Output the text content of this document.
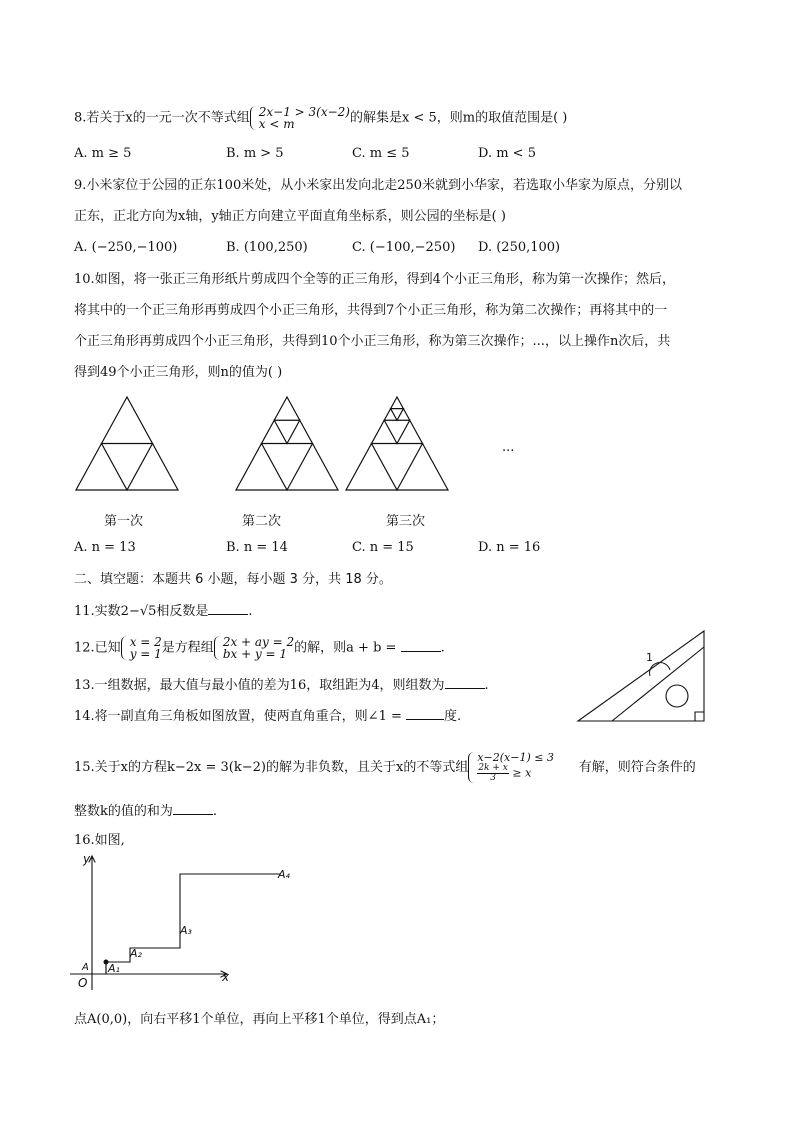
8.若关于x的一元一次不等式组 2x−1 > 3(x−2)
x < m	的解集是x < 5，则m的取值范围是( )
A. m ≥ 5	B. m > 5	C. m ≤ 5	D. m < 5
9.小米家位于公园的正东100米处，从小米家出发向北走250米就到小华家，若选取小华家为原点，分别以
正东，正北方向为x轴，y轴正方向建立平面直角坐标系，则公园的坐标是( )
A. (−250,−100)	B. (100,250)	C. (−100,−250) D. (250,100)
10.如图，将一张正三角形纸片剪成四个全等的正三角形，得到4个小正三角形，称为第一次操作；然后，
将其中的一个正三角形再剪成四个小正三角形，共得到7个小正三角形，称为第二次操作；再将其中的一
个正三角形再剪成四个小正三角形，共得到10个小正三角形，称为第三次操作；...，以上操作n次后，共
得到49个小正三角形，则n的值为( )
...
第一次	第二次	第三次
A. n = 13	B. n = 14	C. n = 15	D. n = 16
二、填空题：本题共 6 小题，每小题 3 分，共 18 分。
11.实数2−√5相反数是	.
12.已知 x = 2
y = 1 是方程组 2x + ay = 2
bx + y = 1 的解，则a + b =	.
13.一组数据，最大值与最小值的差为16，取组距为4，则组数为	.
14.将一副直角三角板如图放置，使两直角重合，则∠1 =	度.
1
15.关于x的方程k−2x = 3(k−2)的解为非负数，且关于x的不等式组
x−2(x−1) ≤ 3
$\frac{2k + x}{3} \ge x$	有解，则符合条件的
整数k的值的和为	.
16.如图,
x
y
O
A A₁
A₂
A₃
A₄
点A(0,0)，向右平移1个单位，再向上平移1个单位，得到点A₁；
